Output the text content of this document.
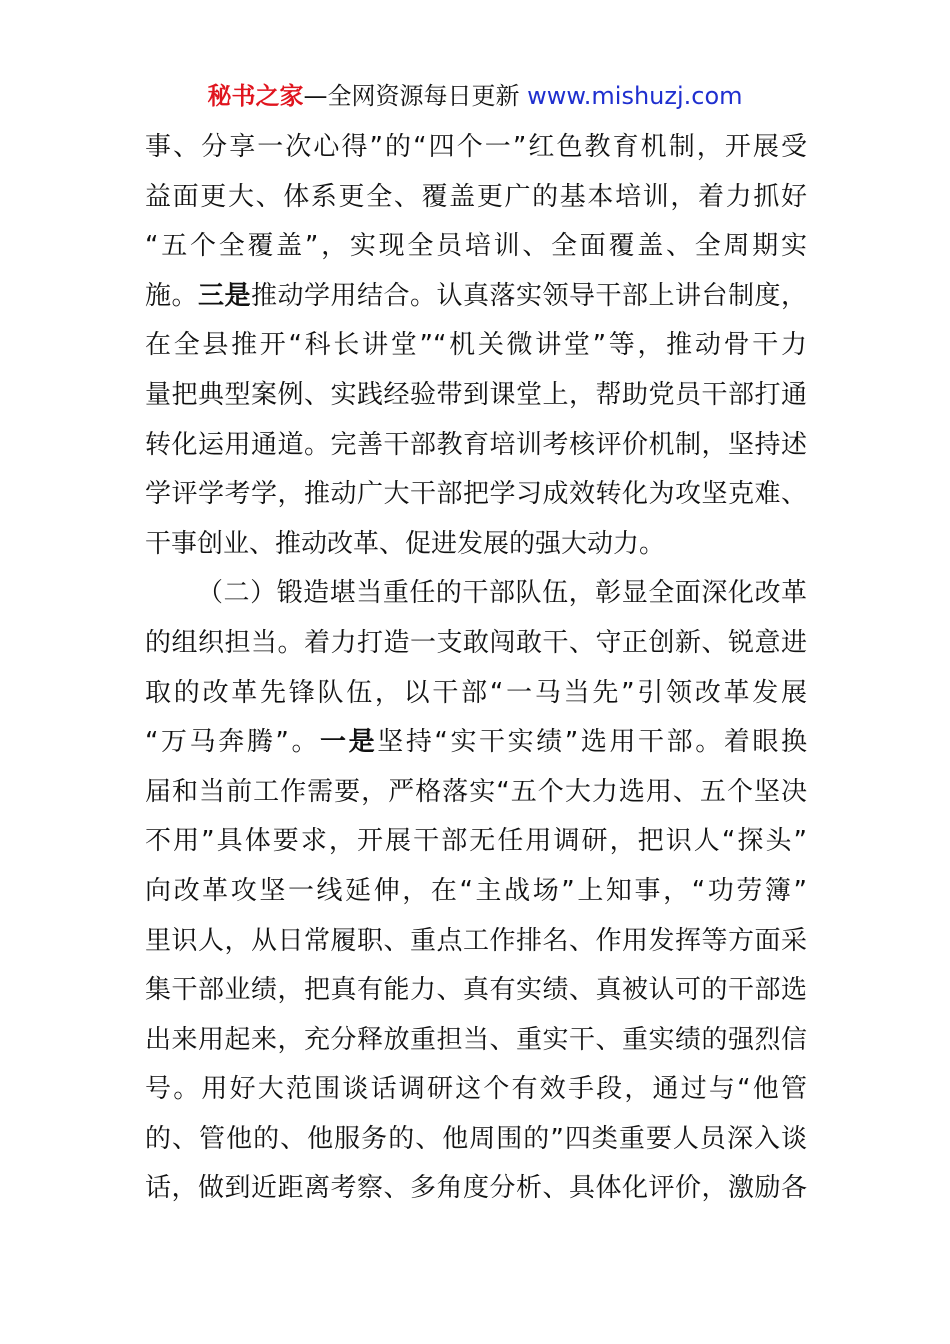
秘书之家—全网资源每日更新 www.mishuzj.com
事、分享一次心得”的“四个一”红色教育机制，开展受
益面更大、体系更全、覆盖更广的基本培训，着力抓好
“五个全覆盖”，实现全员培训、全面覆盖、全周期实
施。三是推动学用结合。认真落实领导干部上讲台制度，
在全县推开“科长讲堂”“机关微讲堂”等，推动骨干力
量把典型案例、实践经验带到课堂上，帮助党员干部打通
转化运用通道。完善干部教育培训考核评价机制，坚持述
学评学考学，推动广大干部把学习成效转化为攻坚克难、
干事创业、推动改革、促进发展的强大动力。
（二）锻造堪当重任的干部队伍，彰显全面深化改革
的组织担当。着力打造一支敢闯敢干、守正创新、锐意进
取的改革先锋队伍，以干部“一马当先”引领改革发展
“万马奔腾”。一是坚持“实干实绩”选用干部。着眼换
届和当前工作需要，严格落实“五个大力选用、五个坚决
不用”具体要求，开展干部无任用调研，把识人“探头”
向改革攻坚一线延伸，在“主战场”上知事，“功劳簿”
里识人，从日常履职、重点工作排名、作用发挥等方面采
集干部业绩，把真有能力、真有实绩、真被认可的干部选
出来用起来，充分释放重担当、重实干、重实绩的强烈信
号。用好大范围谈话调研这个有效手段，通过与“他管
的、管他的、他服务的、他周围的”四类重要人员深入谈
话，做到近距离考察、多角度分析、具体化评价，激励各
